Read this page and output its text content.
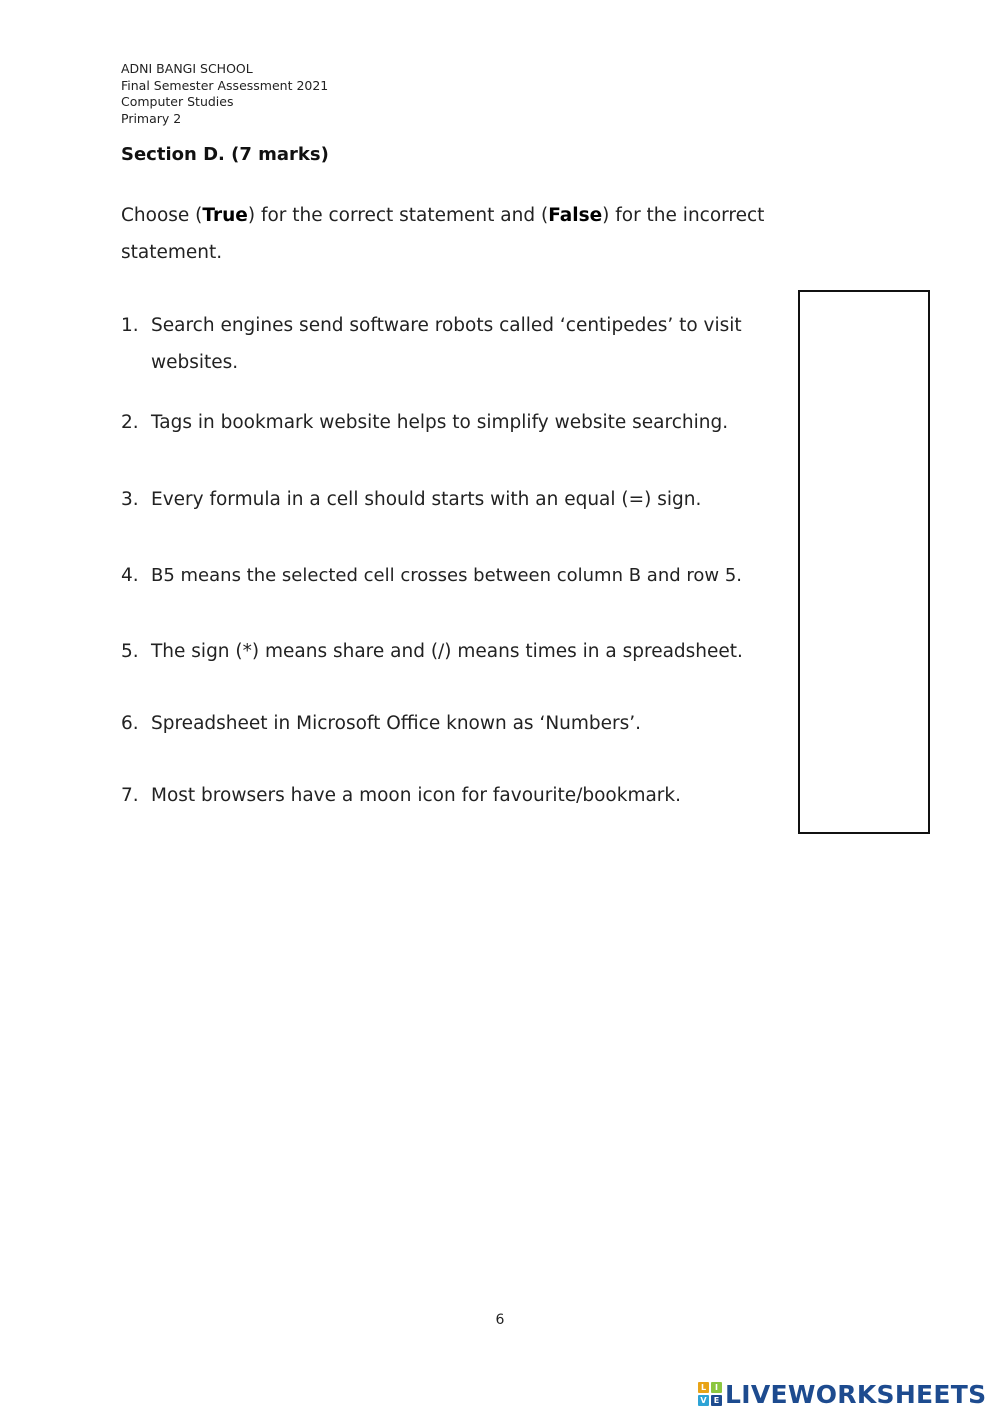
ADNI BANGI SCHOOL
Final Semester Assessment 2021
Computer Studies
Primary 2
Section D. (7 marks)
Choose (True) for the correct statement and (False) for the incorrect statement.
1. Search engines send software robots called ‘centipedes’ to visit websites.
2. Tags in bookmark website helps to simplify website searching.
3. Every formula in a cell should starts with an equal (=) sign.
4. B5 means the selected cell crosses between column B and row 5.
5. The sign (*) means share and (/) means times in a spreadsheet.
6. Spreadsheet in Microsoft Office known as ‘Numbers’.
7. Most browsers have a moon icon for favourite/bookmark.
6
L	I
V E LIVEWORKSHEETS
